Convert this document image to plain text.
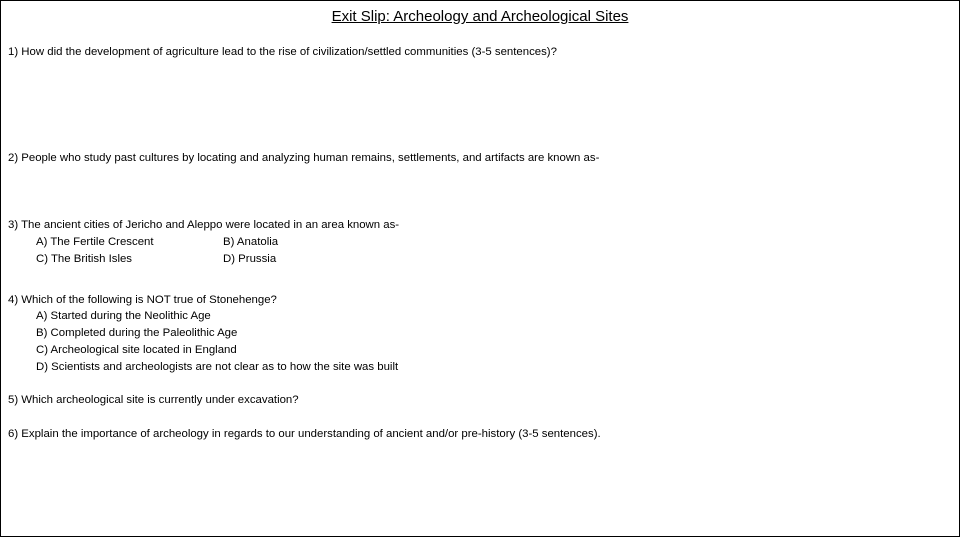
Exit Slip: Archeology and Archeological Sites
1) How did the development of agriculture lead to the rise of civilization/settled communities (3-5 sentences)?
2) People who study past cultures by locating and analyzing human remains, settlements, and artifacts are known as-
3) The ancient cities of Jericho and Aleppo were located in an area known as-
A) The Fertile Crescent	B) Anatolia
C) The British Isles	D) Prussia
4) Which of the following is NOT true of Stonehenge?
A) Started during the Neolithic Age
B) Completed during the Paleolithic Age
C) Archeological site located in England
D) Scientists and archeologists are not clear as to how the site was built
5) Which archeological site is currently under excavation?
6) Explain the importance of archeology in regards to our understanding of ancient and/or pre-history (3-5 sentences).
